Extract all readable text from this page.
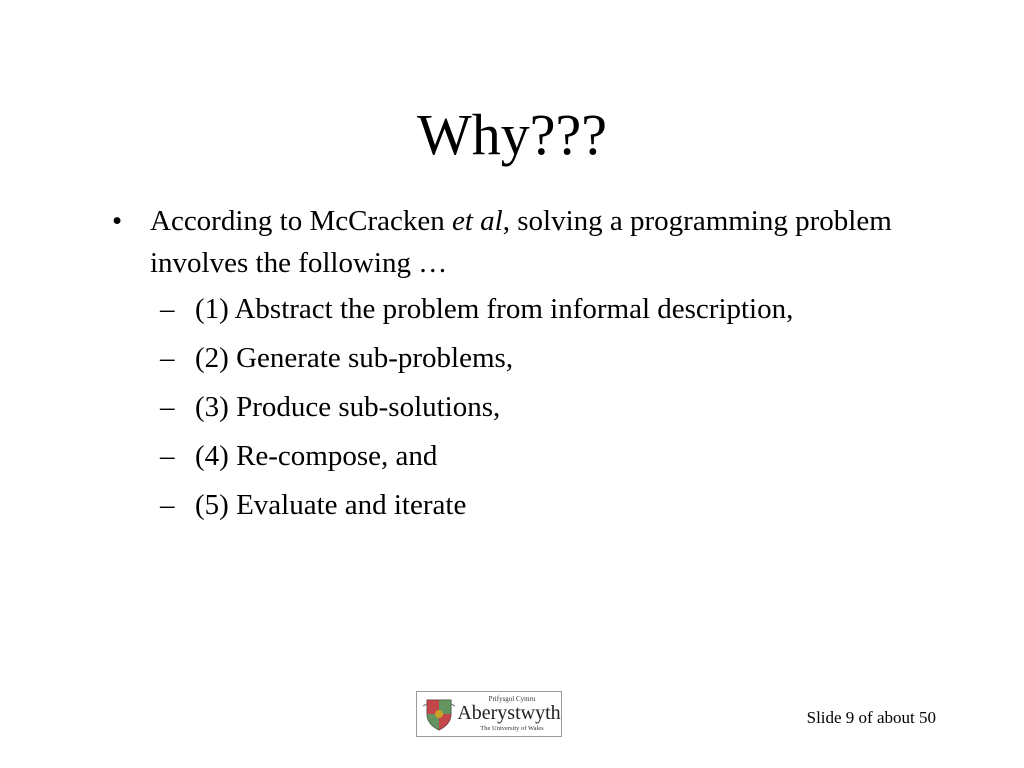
Why???
• According to McCracken et al, solving a programming problem involves the following …
– (1) Abstract the problem from informal description,
– (2) Generate sub-problems,
– (3) Produce sub-solutions,
– (4) Re-compose, and
– (5) Evaluate and iterate
Prifysgol Cymru
Aberystwyth
The University of Wales
Slide 9 of about 50
